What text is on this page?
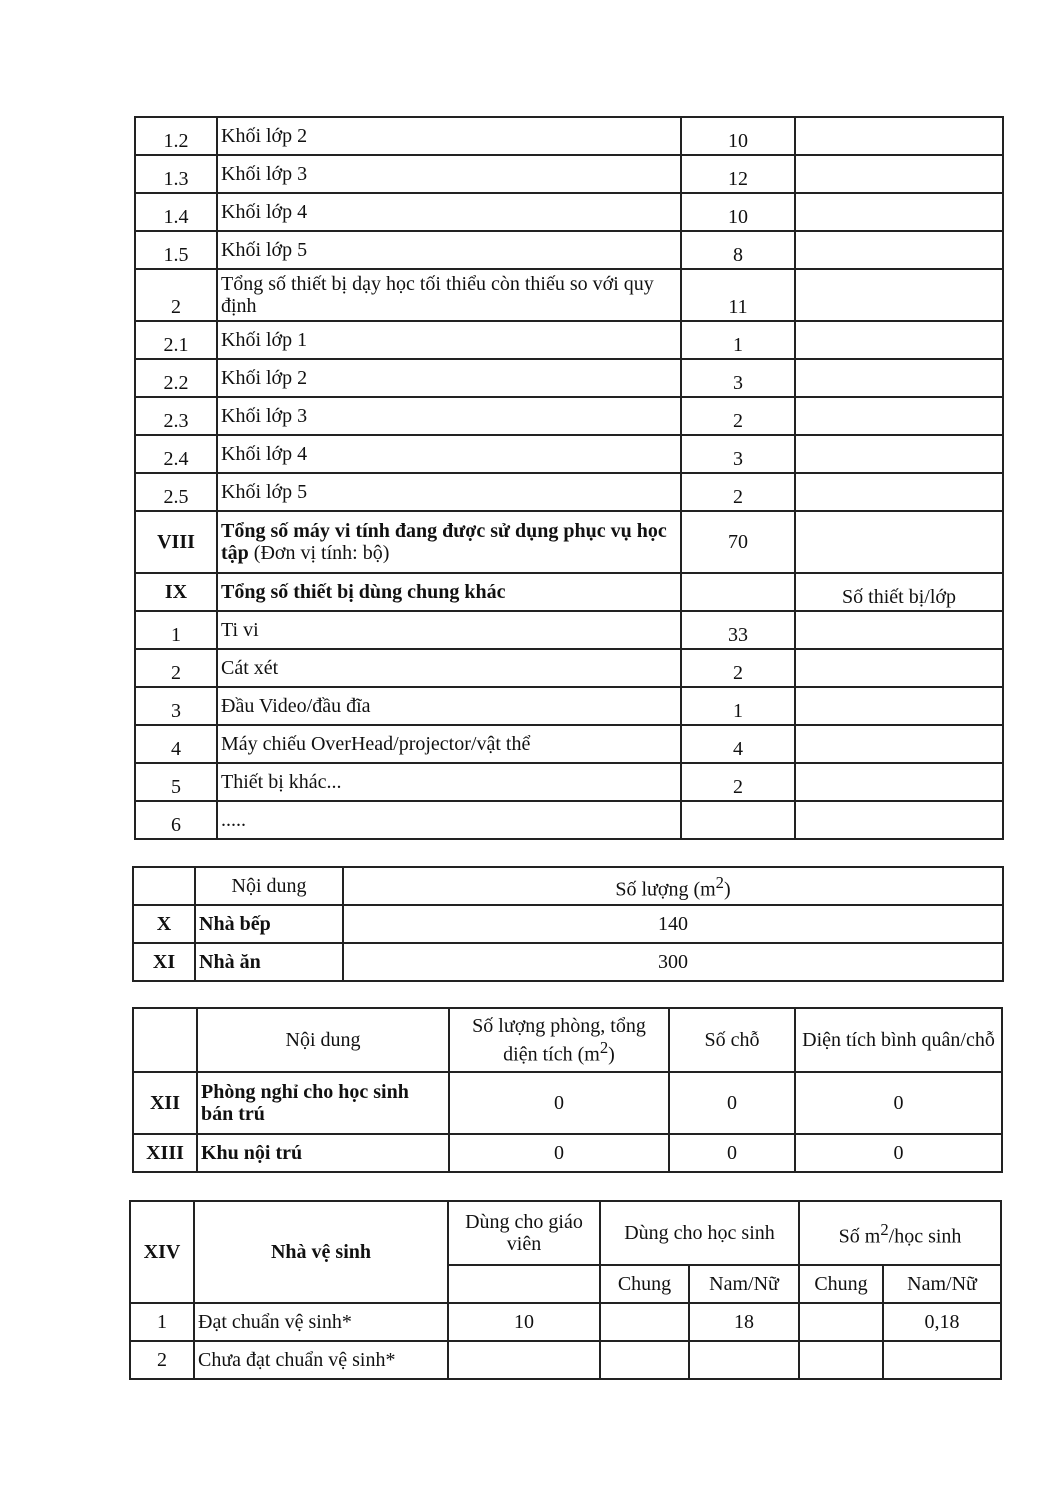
1.2	Khối lớp 2	10	
1.3	Khối lớp 3	12	
1.4	Khối lớp 4	10	
1.5	Khối lớp 5	8	
2	Tổng số thiết bị dạy học tối thiểu còn thiếu so với quy định	11	
2.1	Khối lớp 1	1	
2.2	Khối lớp 2	3	
2.3	Khối lớp 3	2	
2.4	Khối lớp 4	3	
2.5	Khối lớp 5	2	
VIII	Tổng số máy vi tính đang được sử dụng phục vụ học tập (Đơn vị tính: bộ)	70	
IX	Tổng số thiết bị dùng chung khác		Số thiết bị/lớp
1	Ti vi	33	
2	Cát xét	2	
3	Đầu Video/đầu đĩa	1	
4	Máy chiếu OverHead/projector/vật thể	4	
5	Thiết bị khác...	2	
6	.....		
	Nội dung	Số lượng $(m^2)$
X	Nhà bếp	140
XI	Nhà ăn	300
	Nội dung	Số lượng phòng, tổng diện tích $(m^2)$	Số chỗ	Diện tích bình quân/chỗ
XII	Phòng nghỉ cho học sinh bán trú	0	0	0
XIII	Khu nội trú	0	0	0
XIV	Nhà vệ sinh	Dùng cho giáo viên	Dùng cho học sinh		Số $m^2$/học sinh	
			Chung	Nam/Nữ	Chung	Nam/Nữ
1	Đạt chuẩn vệ sinh*	10		18		0,18
2	Chưa đạt chuẩn vệ sinh*					
